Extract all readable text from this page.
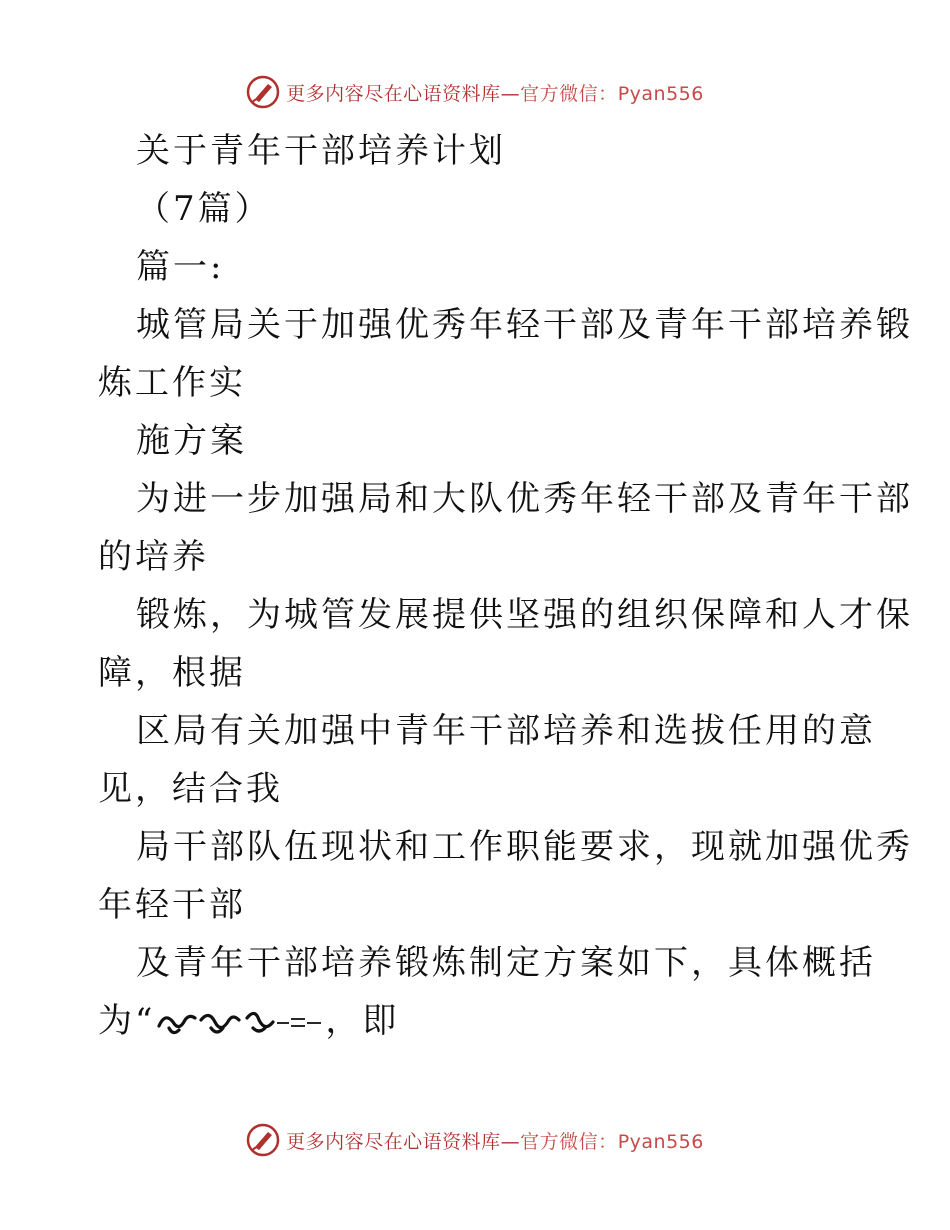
更多内容尽在心语资料库—官方微信：Pyan556
关于青年干部培养计划
（7篇）
篇一:
城管局关于加强优秀年轻干部及青年干部培养锻
炼工作实
施方案
为进一步加强局和大队优秀年轻干部及青年干部
的培养
锻炼，为城管发展提供坚强的组织保障和人才保
障，根据
区局有关加强中青年干部培养和选拔任用的意
见，结合我
局干部队伍现状和工作职能要求，现就加强优秀
年轻干部
及青年干部培养锻炼制定方案如下，具体概括
为“	，即
更多内容尽在心语资料库—官方微信：Pyan556
